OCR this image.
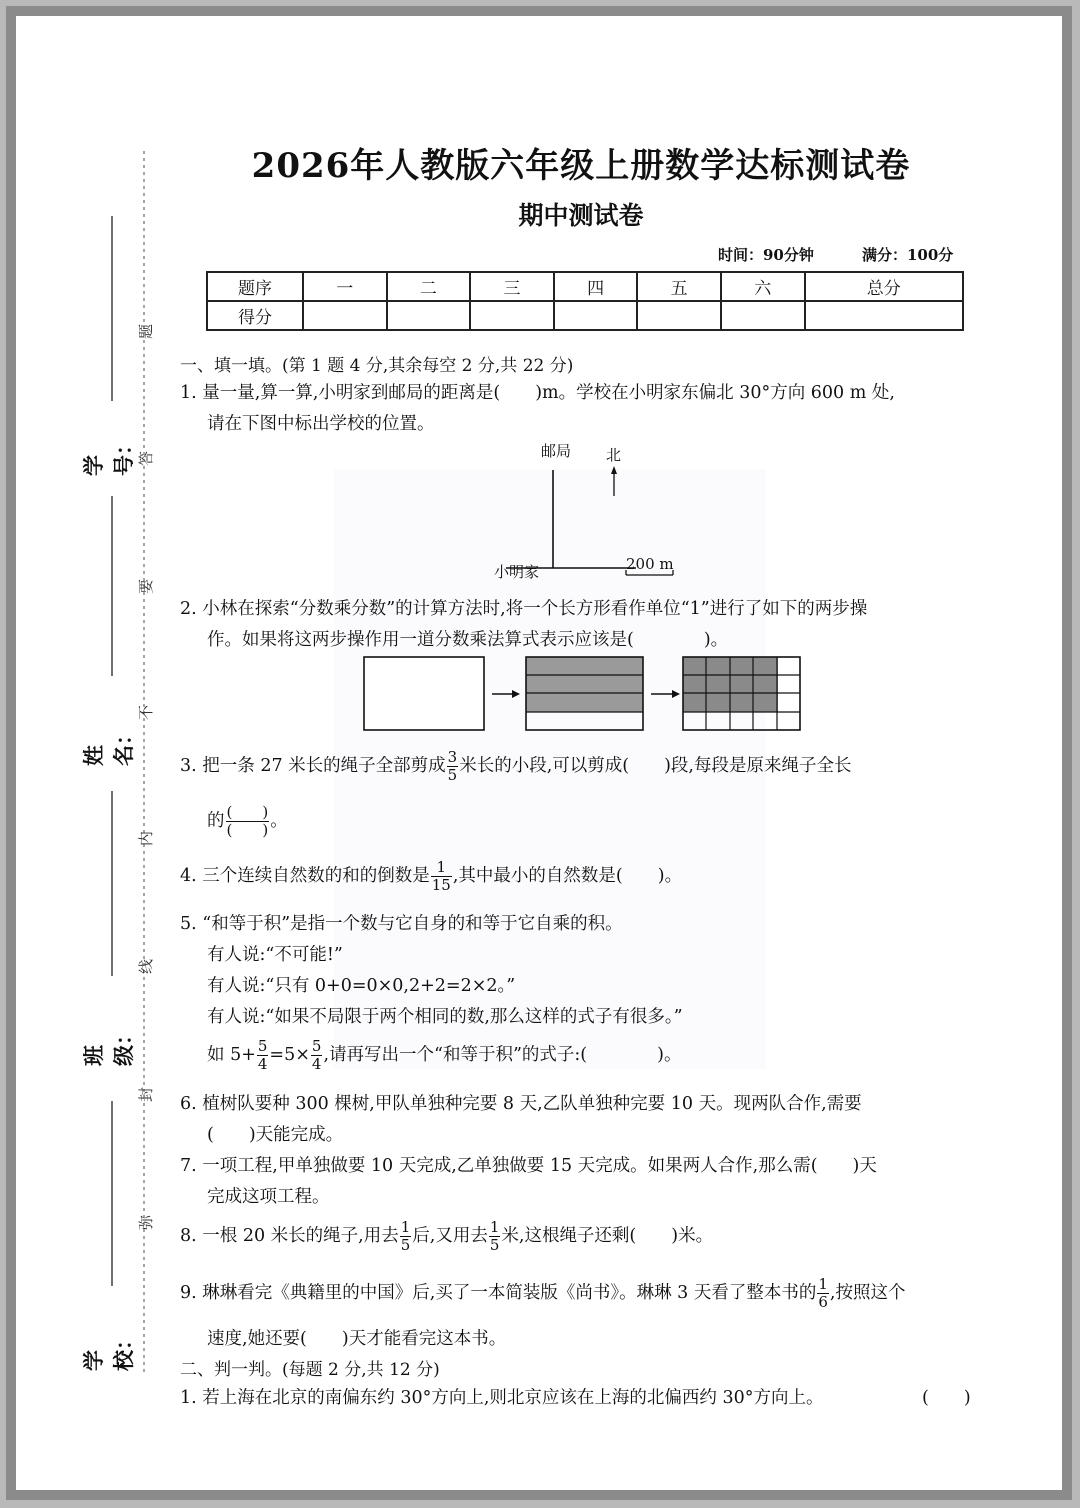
学号：
姓名：
班级：
学校：
题
答
要
不
内
线
封
弥
2026年人教版六年级上册数学达标测试卷
期中测试卷
时间：90分钟	满分：100分
题序	一	二	三	四	五	六	总分
得分							
一、填一填。(第 1 题 4 分,其余每空 2 分,共 22 分)
1. 量一量,算一算,小明家到邮局的距离是(　　)m。学校在小明家东偏北 30°方向 600 m 处,
请在下图中标出学校的位置。
邮局 北
小明家	200 m
2. 小林在探索“分数乘分数”的计算方法时,将一个长方形看作单位“1”进行了如下的两步操
作。如果将这两步操作用一道分数乘法算式表示应该是(　　　　)。
3. 把一条 27 米长的绳子全部剪成 $\frac{3}{5}$ 米长的小段,可以剪成(　　)段,每段是原来绳子全长
的 $\frac{( )}{( )}$ 。
4. 三个连续自然数的和的倒数是 $\frac{1}{15}$ ,其中最小的自然数是(　　)。
5. “和等于积”是指一个数与它自身的和等于它自乘的积。
有人说:“不可能!”
有人说:“只有 0+0=0×0,2+2=2×2。”
有人说:“如果不局限于两个相同的数,那么这样的式子有很多。”
如 $5+ \frac{5}{4} =5\times \frac{5}{4}$ ,请再写出一个“和等于积”的式子:(　　　　)。
6. 植树队要种 300 棵树,甲队单独种完要 8 天,乙队单独种完要 10 天。现两队合作,需要
(　　)天能完成。
7. 一项工程,甲单独做要 10 天完成,乙单独做要 15 天完成。如果两人合作,那么需(　　)天
完成这项工程。
8. 一根 20 米长的绳子,用去 $\frac{1}{5}$ 后,又用去 $\frac{1}{5}$ 米,这根绳子还剩(　　)米。
9. 琳琳看完《典籍里的中国》后,买了一本简装版《尚书》。琳琳 3 天看了整本书的 $\frac{1}{6}$ ,按照这个
速度,她还要(　　)天才能看完这本书。
二、判一判。(每题 2 分,共 12 分)
1. 若上海在北京的南偏东约 30°方向上,则北京应该在上海的北偏西约 30°方向上。	(　　)
